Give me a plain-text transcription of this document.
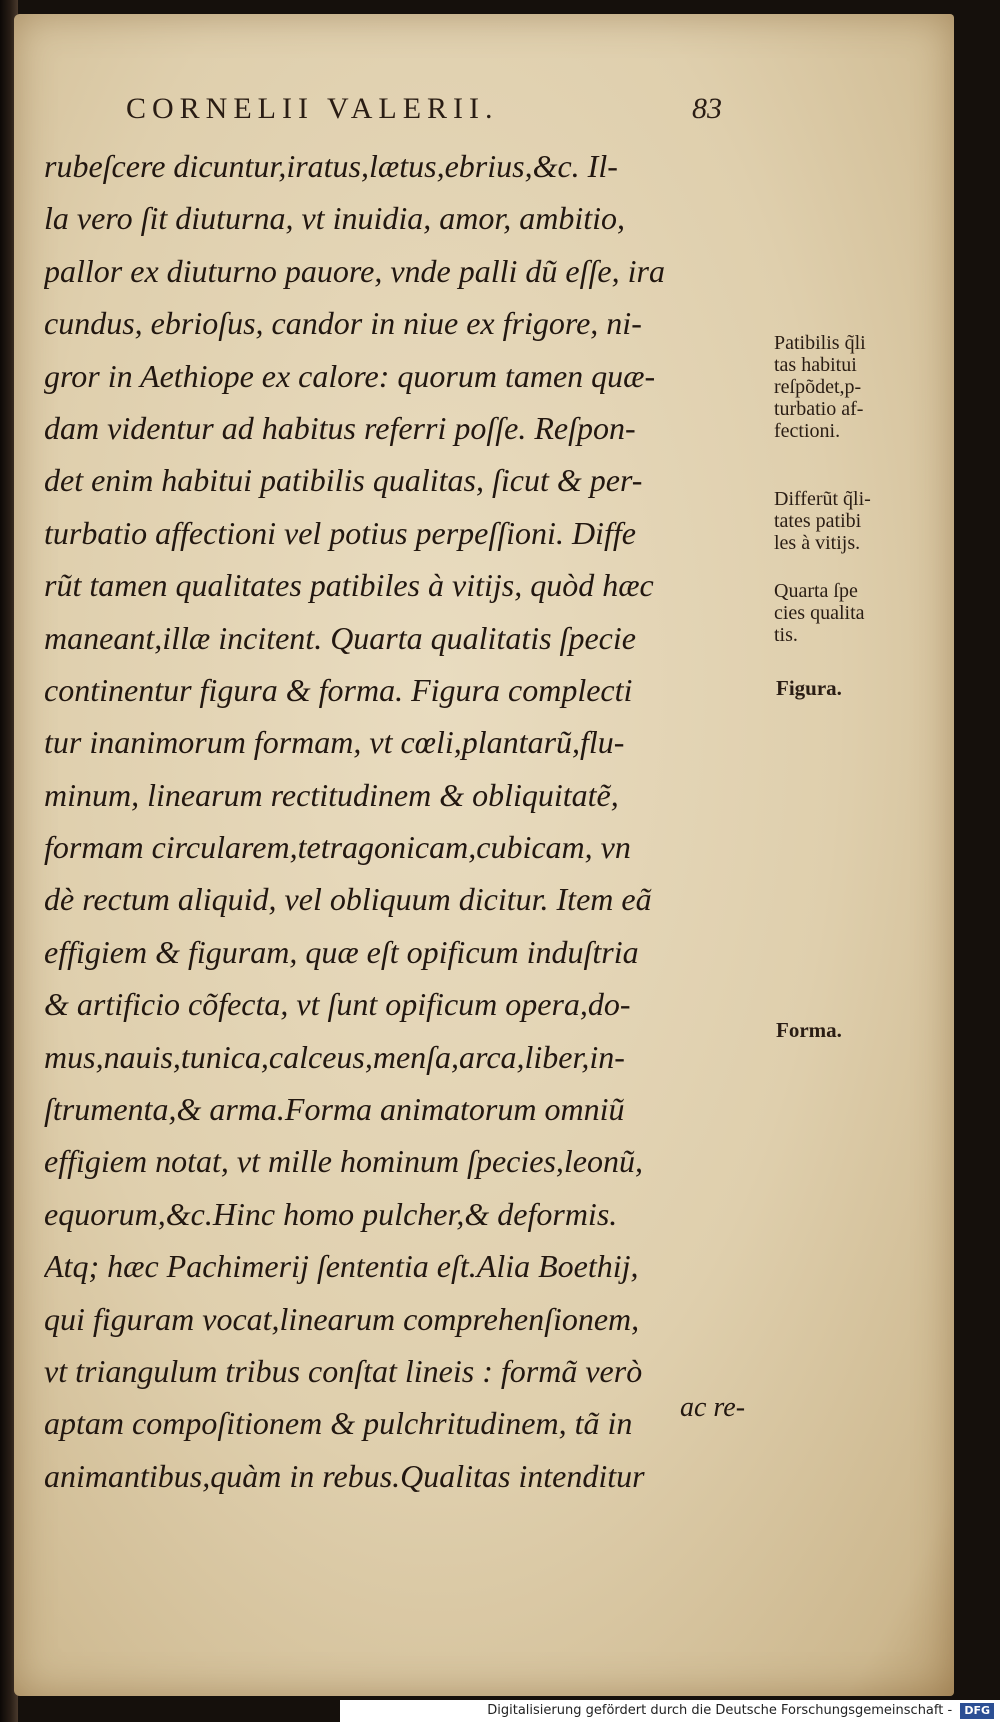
CORNELII VALERII.	83
rubeſcere dicuntur,iratus,lætus,ebrius,&c. Il-
la vero ſit diuturna, vt inuidia, amor, ambitio,
pallor ex diuturno pauore, vnde palli dũ eſſe, ira
cundus, ebrioſus, candor in niue ex frigore, ni-
gror in Aethiope ex calore: quorum tamen quæ-
dam videntur ad habitus referri poſſe. Reſpon-
det enim habitui patibilis qualitas, ſicut & per-
turbatio affectioni vel potius perpeſſioni. Diffe
rũt tamen qualitates patibiles à vitijs, quòd hæc
maneant,illæ incitent. Quarta qualitatis ſpecie
continentur figura & forma. Figura complecti
tur inanimorum formam, vt cœli,plantarũ,flu-
minum, linearum rectitudinem & obliquitatẽ,
formam circularem,tetragonicam,cubicam, vn
dè rectum aliquid, vel obliquum dicitur. Item eã
effigiem & figuram, quæ eſt opificum induſtria
& artificio cõfecta, vt ſunt opificum opera,do-
mus,nauis,tunica,calceus,menſa,arca,liber,in-
ſtrumenta,& arma.Forma animatorum omniũ
effigiem notat, vt mille hominum ſpecies,leonũ,
equorum,&c.Hinc homo pulcher,& deformis.
Atq; hæc Pachimerij ſententia eſt.Alia Boethij,
qui figuram vocat,linearum comprehenſionem,
vt triangulum tribus conſtat lineis : formã verò
aptam compoſitionem & pulchritudinem, tã in
animantibus,quàm in rebus.Qualitas intenditur
ac re-
Patibilis q̃li
tas habitui
reſpõdet,p-
turbatio af-
fectioni.
Differũt q̃li-
tates patibi
les à vitijs.
Quarta ſpe
cies qualita
tis.
Figura.
Forma.
Digitalisierung gefördert durch die Deutsche Forschungsgemeinschaft - DFG
